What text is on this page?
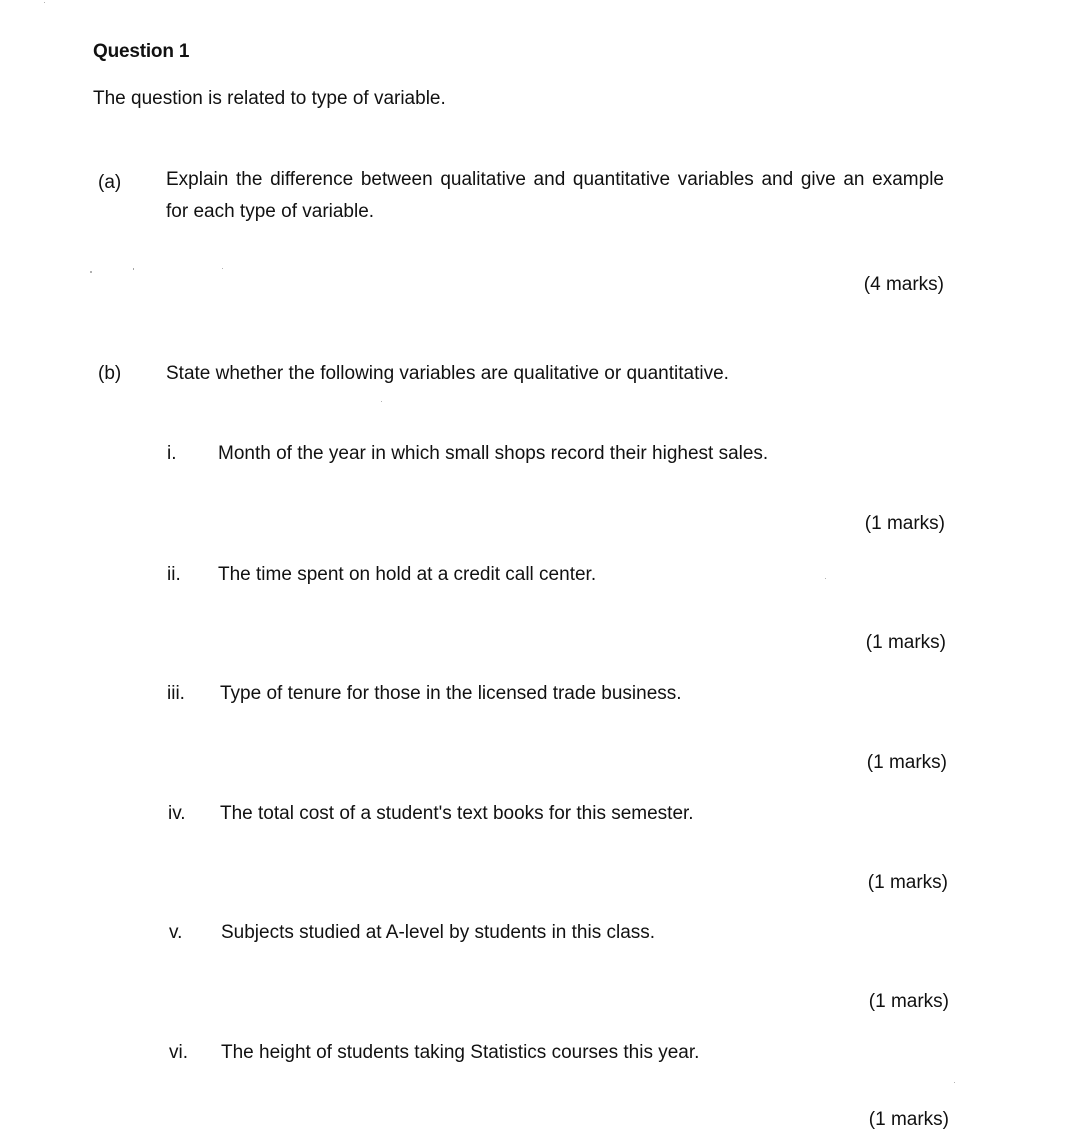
Question 1
The question is related to type of variable.
(a) Explain the difference between qualitative and quantitative variables and give an example for each type of variable.
(4 marks)
(b) State whether the following variables are qualitative or quantitative.
i. Month of the year in which small shops record their highest sales.
(1 marks)
ii. The time spent on hold at a credit call center.
(1 marks)
iii. Type of tenure for those in the licensed trade business.
(1 marks)
iv. The total cost of a student's text books for this semester.
(1 marks)
v. Subjects studied at A-level by students in this class.
(1 marks)
vi. The height of students taking Statistics courses this year.
(1 marks)
